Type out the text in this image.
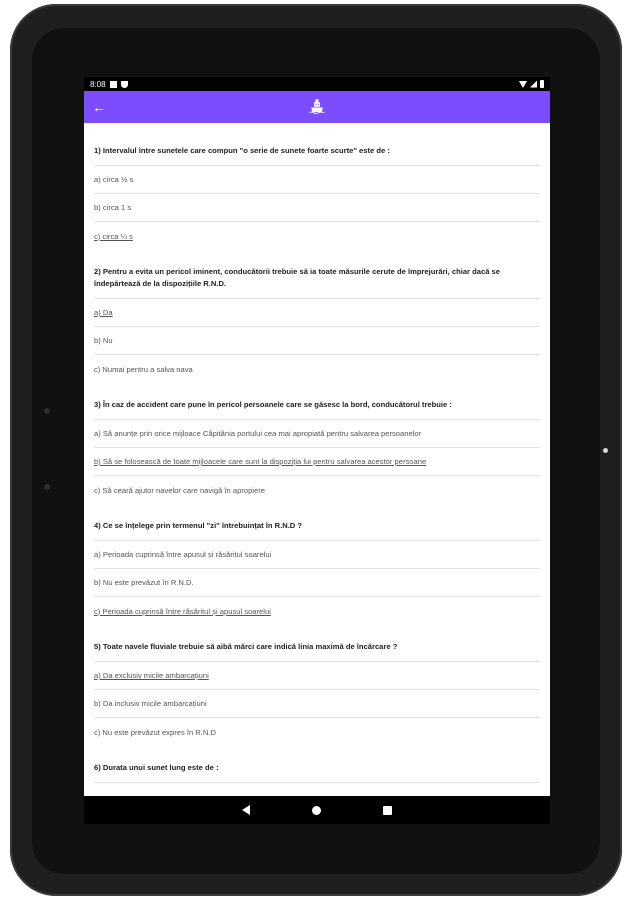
8:08
←
1) Intervalul între sunetele care compun "o serie de sunete foarte scurte" este de :
a) circa ½ s
b) circa 1 s
c) circa ¼ s
2) Pentru a evita un pericol iminent, conducătorii trebuie să ia toate măsurile cerute de împrejurări, chiar dacă se îndepărtează de la dispozițiile R.N.D.
a) Da
b) Nu
c) Numai pentru a salva nava
3) În caz de accident care pune în pericol persoanele care se găsesc la bord, conducătorul trebuie :
a) Să anunțe prin orice mijloace Căpitănia portului cea mai apropiată pentru salvarea persoanelor
b) Să se folosească de toate mijloacele care sunt la dispoziția lui pentru salvarea acestor persoane
c) Să ceară ajutor navelor care navigă în apropiere
4) Ce se înțelege prin termenul "zi" întrebuințat în R.N.D ?
a) Perioada cuprinsă între apusul și răsăritul soarelui
b) Nu este prevăzut în R.N.D.
c) Perioada cuprinsă între răsăritul și apusul soarelui
5) Toate navele fluviale trebuie să aibă mărci care indică linia maximă de încărcare ?
a) Da exclusiv micile ambarcațiuni
b) Da inclusiv micile ambarcațiuni
c) Nu este prevăzut expres în R.N.D
6) Durata unui sunet lung este de :
